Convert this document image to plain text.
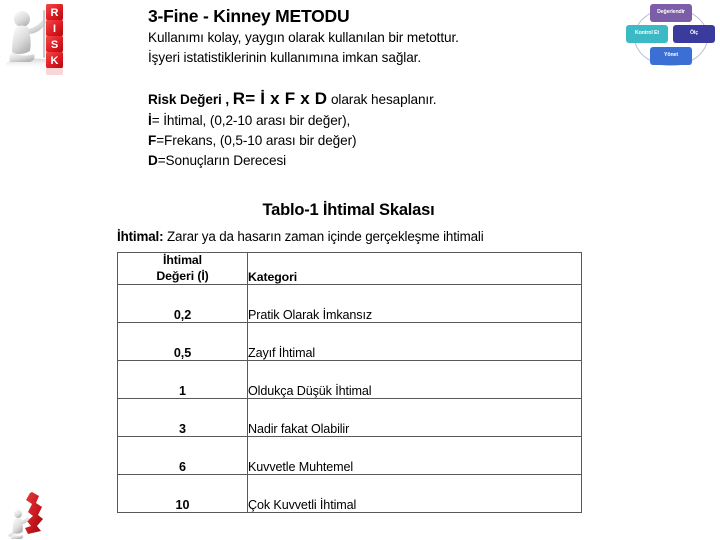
R
I
S
K
Değerlendir
Kontrol Et	Ölç
Yönet
3-Fine - Kinney METODU
Kullanımı kolay, yaygın olarak kullanılan bir metottur.
İşyeri istatistiklerinin kullanımına imkan sağlar.
Risk Değeri , R= İ x F x D olarak hesaplanır.
İ= İhtimal, (0,2-10 arası bir değer),
F=Frekans, (0,5-10 arası bir değer)
D=Sonuçların Derecesi
Tablo-1 İhtimal Skalası
İhtimal: Zarar ya da hasarın zaman içinde gerçekleşme ihtimali
İhtimal
Değeri (İ)	Kategori
0,2	Pratik Olarak İmkansız
0,5	Zayıf İhtimal
1	Oldukça Düşük İhtimal
3	Nadir fakat Olabilir
6	Kuvvetle Muhtemel
10	Çok Kuvvetli İhtimal
